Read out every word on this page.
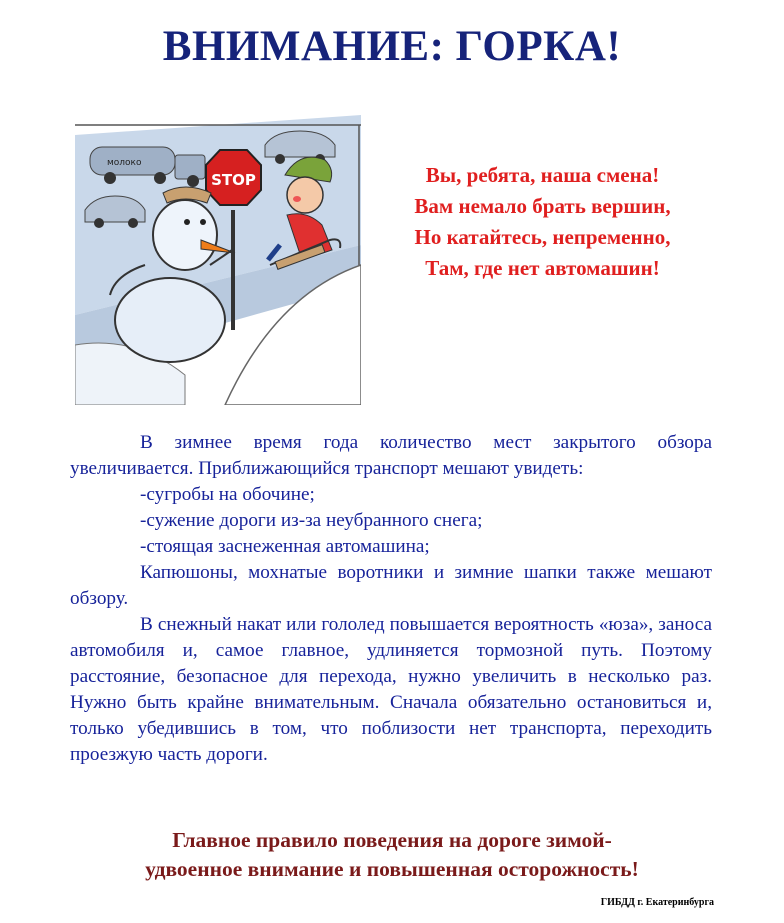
ВНИМАНИЕ: ГОРКА!
молоко
STOP	Вы, ребята, наша смена!
Вам немало брать вершин,
Но катайтесь, непременно,
Там, где нет автомашин!

В зимнее время года количество мест закрытого обзора увеличивается. Приближающийся транспорт мешают увидеть:

-сугробы на обочине;

-сужение дороги из-за неубранного снега;

-стоящая заснеженная автомашина;

Капюшоны, мохнатые воротники и зимние шапки также мешают обзору.

В снежный накат или гололед повышается вероятность «юза», заноса автомобиля и, самое главное, удлиняется тормозной путь. Поэтому расстояние, безопасное для перехода, нужно увеличить в несколько раз. Нужно быть крайне внимательным. Сначала обязательно остановиться и, только убедившись в том, что поблизости нет транспорта, переходить проезжую часть дороги.

Главное правило поведения на дороге зимой-
удвоенное внимание и повышенная осторожность!
ГИБДД г. Екатеринбурга
